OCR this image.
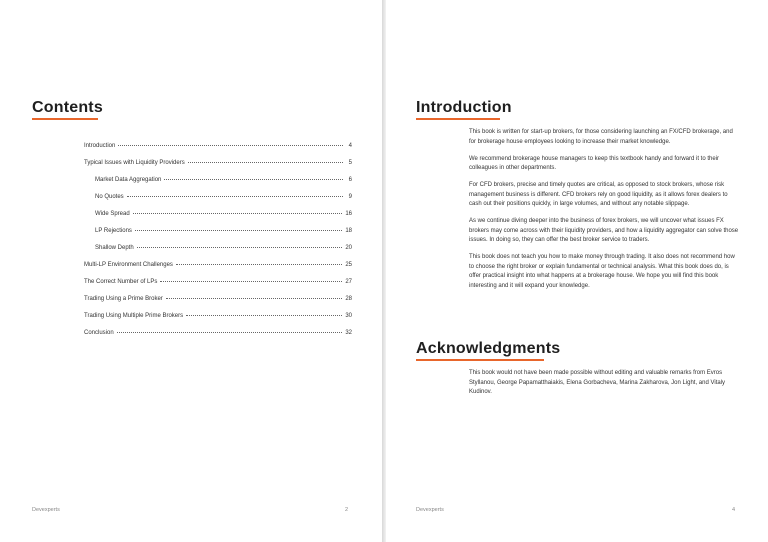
Contents
Introduction	4
Typical Issues with Liquidity Providers	5
Market Data Aggregation	6
No Quotes	9
Wide Spread	16
LP Rejections	18
Shallow Depth	20
Multi-LP Environment Challenges	25
The Correct Number of LPs	27
Trading Using a Prime Broker	28
Trading Using Multiple Prime Brokers	30
Conclusion	32
Devexperts	2
Introduction

This book is written for start-up brokers, for those considering launching an FX/CFD brokerage, and for brokerage house employees looking to increase their market knowledge.

We recommend brokerage house managers to keep this textbook handy and forward it to their colleagues in other departments.

For CFD brokers, precise and timely quotes are critical, as opposed to stock brokers, whose risk management business is different. CFD brokers rely on good liquidity, as it allows forex dealers to cash out their positions quickly, in large volumes, and without any notable slippage.

As we continue diving deeper into the business of forex brokers, we will uncover what issues FX brokers may come across with their liquidity providers, and how a liquidity aggregator can solve those issues. In doing so, they can offer the best broker service to traders.

This book does not teach you how to make money through trading. It also does not recommend how to choose the right broker or explain fundamental or technical analysis. What this book does do, is offer practical insight into what happens at a brokerage house. We hope you will find this book interesting and it will expand your knowledge.

Acknowledgments

This book would not have been made possible without editing and valuable remarks from Evros Styllanou, George Papamatthaiakis, Elena Gorbacheva, Marina Zakharova, Jon Light, and Vitaly Kudinov.

Devexperts	4
